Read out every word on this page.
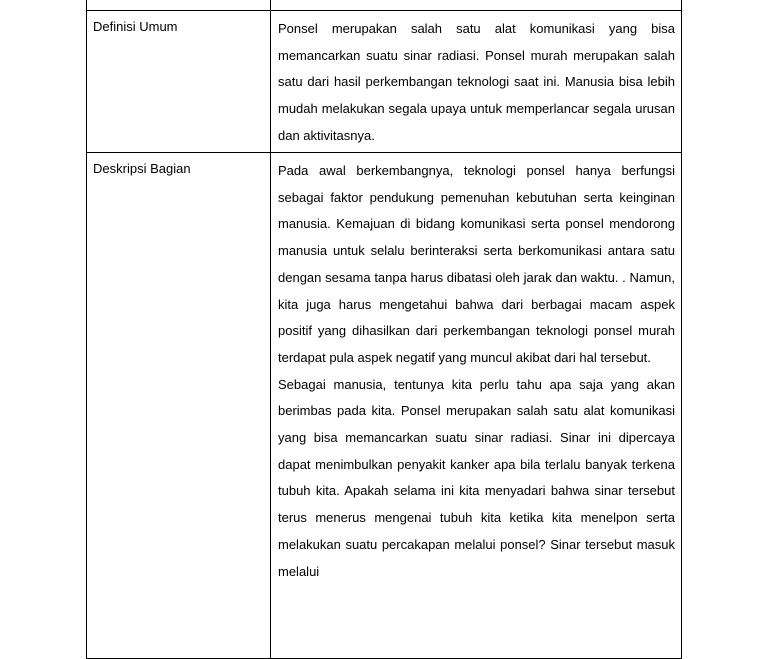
Definisi Umum	Ponsel merupakan salah satu alat komunikasi yang bisa memancarkan suatu sinar radiasi. Ponsel murah merupakan salah satu dari hasil perkembangan teknologi saat ini. Manusia bisa lebih mudah melakukan segala upaya untuk memperlancar segala urusan dan aktivitasnya.

Deskripsi Bagian	Pada awal berkembangnya, teknologi ponsel hanya berfungsi sebagai faktor pendukung pemenuhan kebutuhan serta keinginan manusia. Kemajuan di bidang komunikasi serta ponsel mendorong manusia untuk selalu berinteraksi serta berkomunikasi antara satu dengan sesama tanpa harus dibatasi oleh jarak dan waktu. . Namun, kita juga harus mengetahui bahwa dari berbagai macam aspek positif yang dihasilkan dari perkembangan teknologi ponsel murah terdapat pula aspek negatif yang muncul akibat dari hal tersebut.

Sebagai manusia, tentunya kita perlu tahu apa saja yang akan berimbas pada kita. Ponsel merupakan salah satu alat komunikasi yang bisa memancarkan suatu sinar radiasi. Sinar ini dipercaya dapat menimbulkan penyakit kanker apa bila terlalu banyak terkena tubuh kita. Apakah selama ini kita menyadari bahwa sinar tersebut terus menerus mengenai tubuh kita ketika kita menelpon serta melakukan suatu percakapan melalui ponsel? Sinar tersebut masuk melalui
